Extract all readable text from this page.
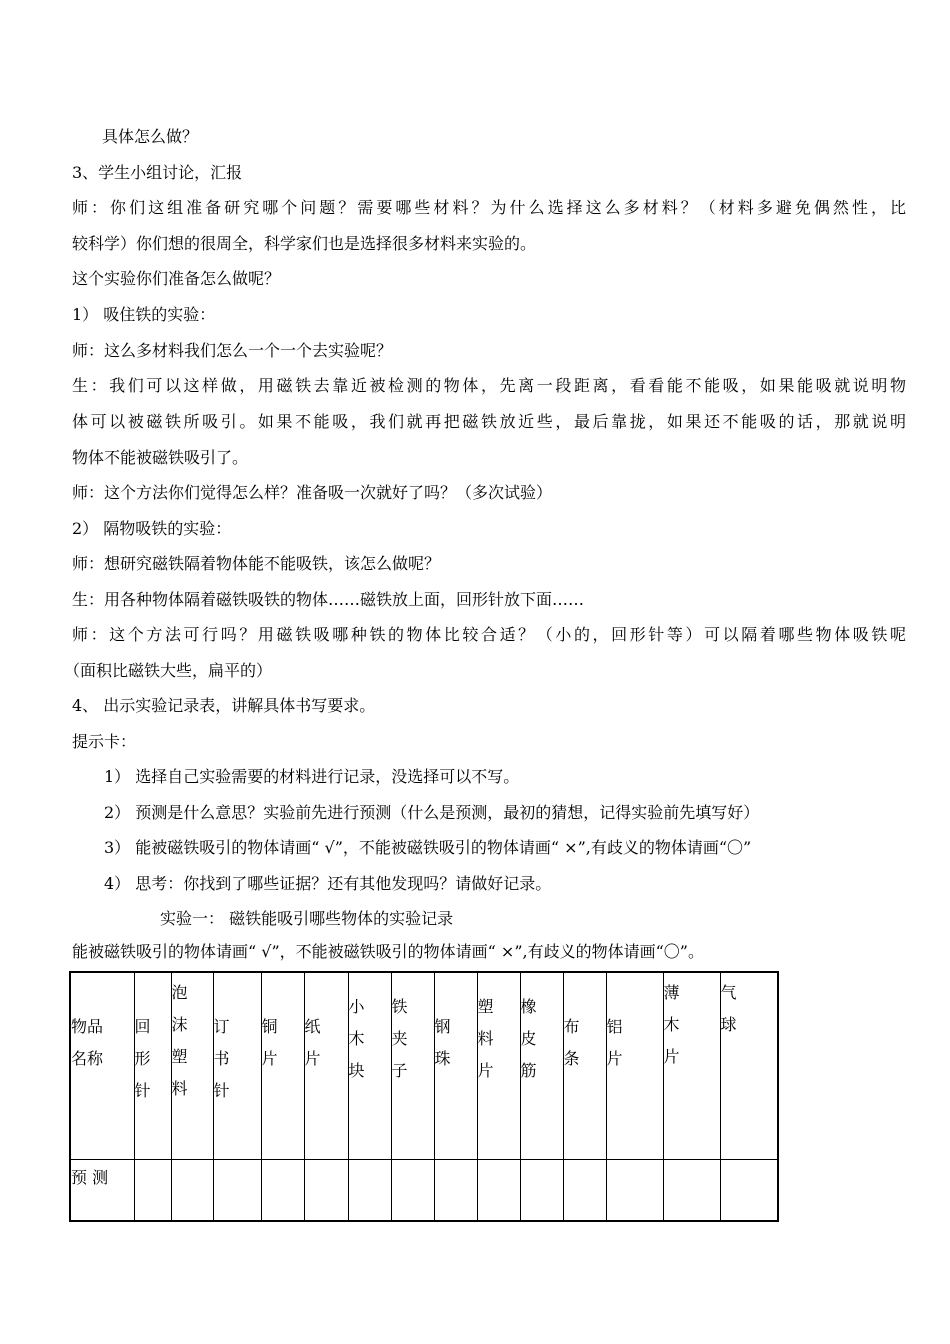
具体怎么做？
3、学生小组讨论，汇报
师：你们这组准备研究哪个问题？需要哪些材料？为什么选择这么多材料？（材料多避免偶然性，比
较科学）你们想的很周全，科学家们也是选择很多材料来实验的。
这个实验你们准备怎么做呢？
1） 吸住铁的实验：
师：这么多材料我们怎么一个一个去实验呢？
生：我们可以这样做，用磁铁去靠近被检测的物体，先离一段距离，看看能不能吸，如果能吸就说明物
体可以被磁铁所吸引。如果不能吸，我们就再把磁铁放近些，最后靠拢，如果还不能吸的话，那就说明
物体不能被磁铁吸引了。
师：这个方法你们觉得怎么样？准备吸一次就好了吗？（多次试验）
2） 隔物吸铁的实验：
师：想研究磁铁隔着物体能不能吸铁，该怎么做呢？
生：用各种物体隔着磁铁吸铁的物体……磁铁放上面，回形针放下面……
师：这个方法可行吗？用磁铁吸哪种铁的物体比较合适？（小的，回形针等）可以隔着哪些物体吸铁呢
（面积比磁铁大些，扁平的）
4、 出示实验记录表，讲解具体书写要求。
提示卡：
1） 选择自己实验需要的材料进行记录，没选择可以不写。
2） 预测是什么意思？实验前先进行预测（什么是预测，最初的猜想，记得实验前先填写好）
3） 能被磁铁吸引的物体请画“ √”，不能被磁铁吸引的物体请画“ ×”,有歧义的物体请画“〇”
4） 思考：你找到了哪些证据？还有其他发现吗？请做好记录。
实验一： 磁铁能吸引哪些物体的实验记录
能被磁铁吸引的物体请画“ √”，不能被磁铁吸引的物体请画“ ×”,有歧义的物体请画“〇”。
物品名称	回形针	泡沫塑料	订书针	铜片	纸片	小木块	铁夹子	钢珠	塑料片	橡皮筋	布条	铝片	薄木片	气球

预 测														
